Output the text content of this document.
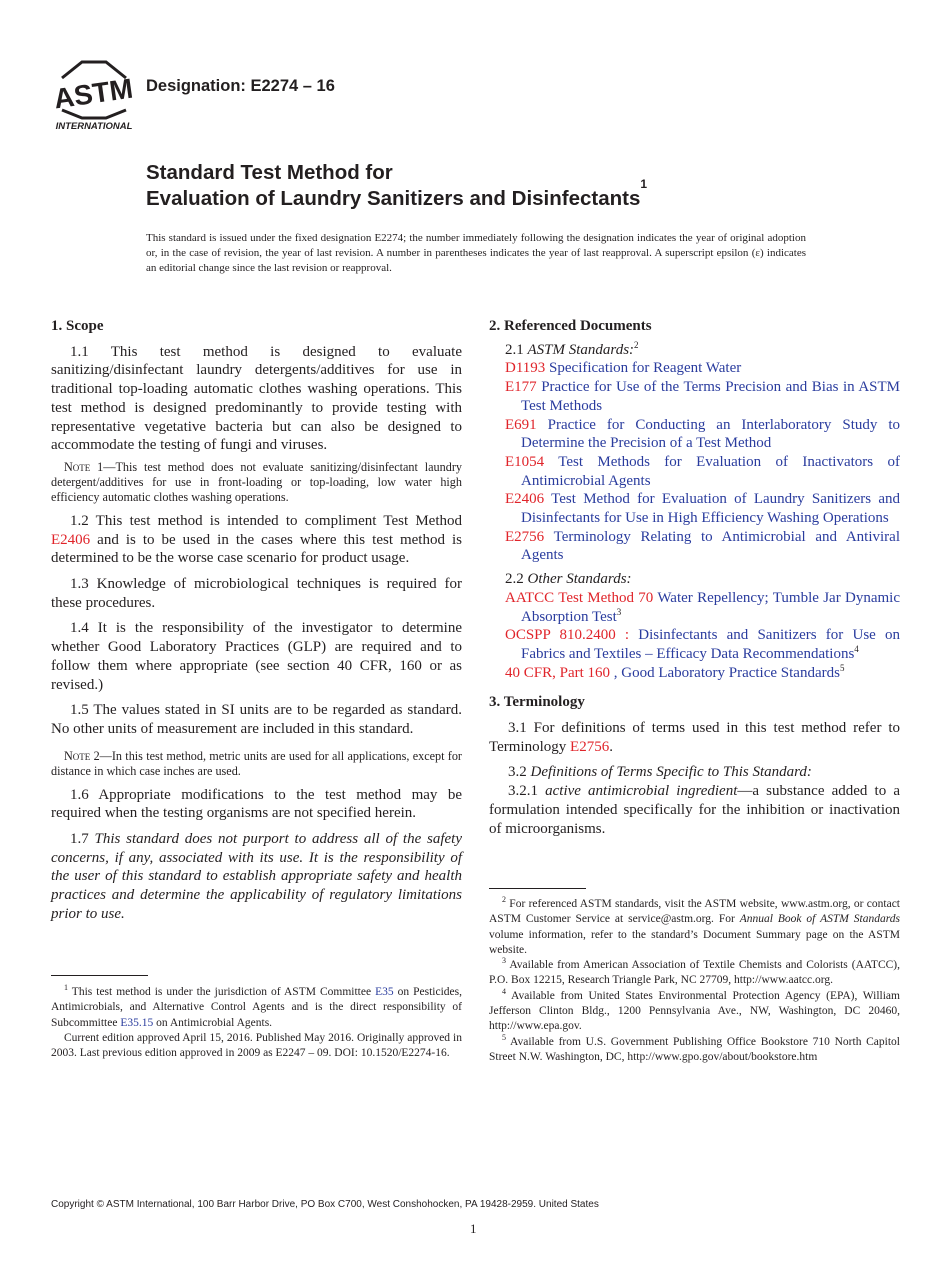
ASTM
INTERNATIONAL
Designation: E2274 – 16
Standard Test Method for
Evaluation of Laundry Sanitizers and Disinfectants$^1$
This standard is issued under the fixed designation E2274; the number immediately following the designation indicates the year of original adoption or, in the case of revision, the year of last revision. A number in parentheses indicates the year of last reapproval. A superscript epsilon (ε) indicates an editorial change since the last revision or reapproval.
1. Scope

1.1 This test method is designed to evaluate sanitizing/disinfectant laundry detergents/additives for use in traditional top-loading automatic clothes washing operations. This test method is designed predominantly to provide testing with representative vegetative bacteria but can also be designed to accommodate the testing of fungi and viruses.

Note 1—This test method does not evaluate sanitizing/disinfectant laundry detergent/additives for use in front-loading or top-loading, low water high efficiency automatic clothes washing operations.

1.2 This test method is intended to compliment Test Method E2406 and is to be used in the cases where this test method is determined to be the worse case scenario for product usage.

1.3 Knowledge of microbiological techniques is required for these procedures.

1.4 It is the responsibility of the investigator to determine whether Good Laboratory Practices (GLP) are required and to follow them where appropriate (see section 40 CFR, 160 or as revised.)

1.5 The values stated in SI units are to be regarded as standard. No other units of measurement are included in this standard.

Note 2—In this test method, metric units are used for all applications, except for distance in which case inches are used.

1.6 Appropriate modifications to the test method may be required when the testing organisms are not specified herein.

1.7 This standard does not purport to address all of the safety concerns, if any, associated with its use. It is the responsibility of the user of this standard to establish appropriate safety and health practices and determine the applicability of regulatory limitations prior to use.

$^1$ This test method is under the jurisdiction of ASTM Committee E35 on Pesticides, Antimicrobials, and Alternative Control Agents and is the direct responsibility of Subcommittee E35.15 on Antimicrobial Agents.

Current edition approved April 15, 2016. Published May 2016. Originally approved in 2003. Last previous edition approved in 2009 as E2247 – 09. DOI: 10.1520/E2274-16.

2. Referenced Documents
2.1 ASTM Standards:$^2$

D1193 Specification for Reagent Water

E177 Practice for Use of the Terms Precision and Bias in ASTM Test Methods

E691 Practice for Conducting an Interlaboratory Study to Determine the Precision of a Test Method

E1054 Test Methods for Evaluation of Inactivators of Antimicrobial Agents

E2406 Test Method for Evaluation of Laundry Sanitizers and Disinfectants for Use in High Efficiency Washing Operations

E2756 Terminology Relating to Antimicrobial and Antiviral Agents

2.2 Other Standards:

AATCC Test Method 70 Water Repellency; Tumble Jar Dynamic Absorption Test$^3$

OCSPP 810.2400 : Disinfectants and Sanitizers for Use on Fabrics and Textiles – Efficacy Data Recommendations$^4$

40 CFR, Part 160 , Good Laboratory Practice Standards$^5$

3. Terminology

3.1 For definitions of terms used in this test method refer to Terminology E2756.

3.2 Definitions of Terms Specific to This Standard:

3.2.1 active antimicrobial ingredient—a substance added to a formulation intended specifically for the inhibition or inactivation of microorganisms.

$^2$ For referenced ASTM standards, visit the ASTM website, www.astm.org, or contact ASTM Customer Service at service@astm.org. For Annual Book of ASTM Standards volume information, refer to the standard’s Document Summary page on the ASTM website.

$^3$ Available from American Association of Textile Chemists and Colorists (AATCC), P.O. Box 12215, Research Triangle Park, NC 27709, http://www.aatcc.org.

$^4$ Available from United States Environmental Protection Agency (EPA), William Jefferson Clinton Bldg., 1200 Pennsylvania Ave., NW, Washington, DC 20460, http://www.epa.gov.

$^5$ Available from U.S. Government Publishing Office Bookstore 710 North Capitol Street N.W. Washington, DC, http://www.gpo.gov/about/bookstore.htm

Copyright © ASTM International, 100 Barr Harbor Drive, PO Box C700, West Conshohocken, PA 19428-2959. United States
1
